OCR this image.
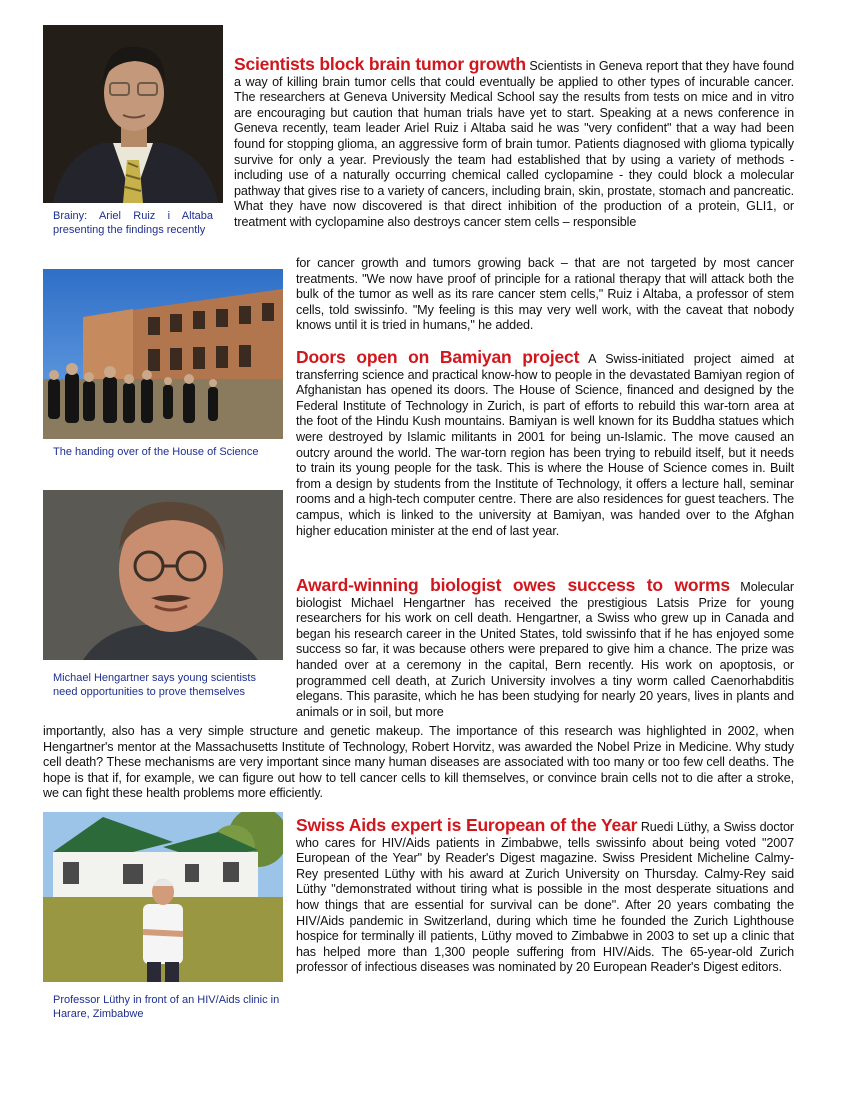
Brainy: Ariel Ruiz i Altaba presenting the findings recently
Scientists block brain tumor growth Scientists in Geneva report that they have found a way of killing brain tumor cells that could eventually be applied to other types of incurable cancer. The researchers at Geneva University Medical School say the results from tests on mice and in vitro are encouraging but caution that human trials have yet to start. Speaking at a news conference in Geneva recently, team leader Ariel Ruiz i Altaba said he was "very confident" that a way had been found for stopping glioma, an aggressive form of brain tumor. Patients diagnosed with glioma typically survive for only a year. Previously the team had established that by using a variety of methods - including use of a naturally occurring chemical called cyclopamine - they could block a molecular pathway that gives rise to a variety of cancers, including brain, skin, prostate, stomach and pancreatic. What they have now discovered is that direct inhibition of the production of a protein, GLI1, or treatment with cyclopamine also destroys cancer stem cells – responsible
for cancer growth and tumors growing back – that are not targeted by most cancer treatments. "We now have proof of principle for a rational therapy that will attack both the bulk of the tumor as well as its rare cancer stem cells," Ruiz i Altaba, a professor of stem cells, told swissinfo. "My feeling is this may very well work, with the caveat that nobody knows until it is tried in humans," he added.
The handing over of the House of Science
Doors open on Bamiyan project A Swiss-initiated project aimed at transferring science and practical know-how to people in the devastated Bamiyan region of Afghanistan has opened its doors. The House of Science, financed and designed by the Federal Institute of Technology in Zurich, is part of efforts to rebuild this war-torn area at the foot of the Hindu Kush mountains. Bamiyan is well known for its Buddha statues which were destroyed by Islamic militants in 2001 for being un-Islamic. The move caused an outcry around the world. The war-torn region has been trying to rebuild itself, but it needs to train its young people for the task. This is where the House of Science comes in. Built from a design by students from the Institute of Technology, it offers a lecture hall, seminar rooms and a high-tech computer centre. There are also residences for guest teachers. The campus, which is linked to the university at Bamiyan, was handed over to the Afghan higher education minister at the end of last year.
Michael Hengartner says young scientists need opportunities to prove themselves
Award-winning biologist owes success to worms Molecular biologist Michael Hengartner has received the prestigious Latsis Prize for young researchers for his work on cell death. Hengartner, a Swiss who grew up in Canada and began his research career in the United States, told swissinfo that if he has enjoyed some success so far, it was because others were prepared to give him a chance. The prize was handed over at a ceremony in the capital, Bern recently. His work on apoptosis, or programmed cell death, at Zurich University involves a tiny worm called Caenorhabditis elegans. This parasite, which he has been studying for nearly 20 years, lives in plants and animals or in soil, but more
importantly, also has a very simple structure and genetic makeup. The importance of this research was highlighted in 2002, when Hengartner's mentor at the Massachusetts Institute of Technology, Robert Horvitz, was awarded the Nobel Prize in Medicine. Why study cell death? These mechanisms are very important since many human diseases are associated with too many or too few cell deaths. The hope is that if, for example, we can figure out how to tell cancer cells to kill themselves, or convince brain cells not to die after a stroke, we can fight these health problems more efficiently.
Professor Lüthy in front of an HIV/Aids clinic in Harare, Zimbabwe
Swiss Aids expert is European of the Year Ruedi Lüthy, a Swiss doctor who cares for HIV/Aids patients in Zimbabwe, tells swissinfo about being voted "2007 European of the Year" by Reader's Digest magazine. Swiss President Micheline Calmy-Rey presented Lüthy with his award at Zurich University on Thursday. Calmy-Rey said Lüthy "demonstrated without tiring what is possible in the most desperate situations and how things that are essential for survival can be done". After 20 years combating the HIV/Aids pandemic in Switzerland, during which time he founded the Zurich Lighthouse hospice for terminally ill patients, Lüthy moved to Zimbabwe in 2003 to set up a clinic that has helped more than 1,300 people suffering from HIV/Aids. The 65-year-old Zurich professor of infectious diseases was nominated by 20 European Reader's Digest editors.
